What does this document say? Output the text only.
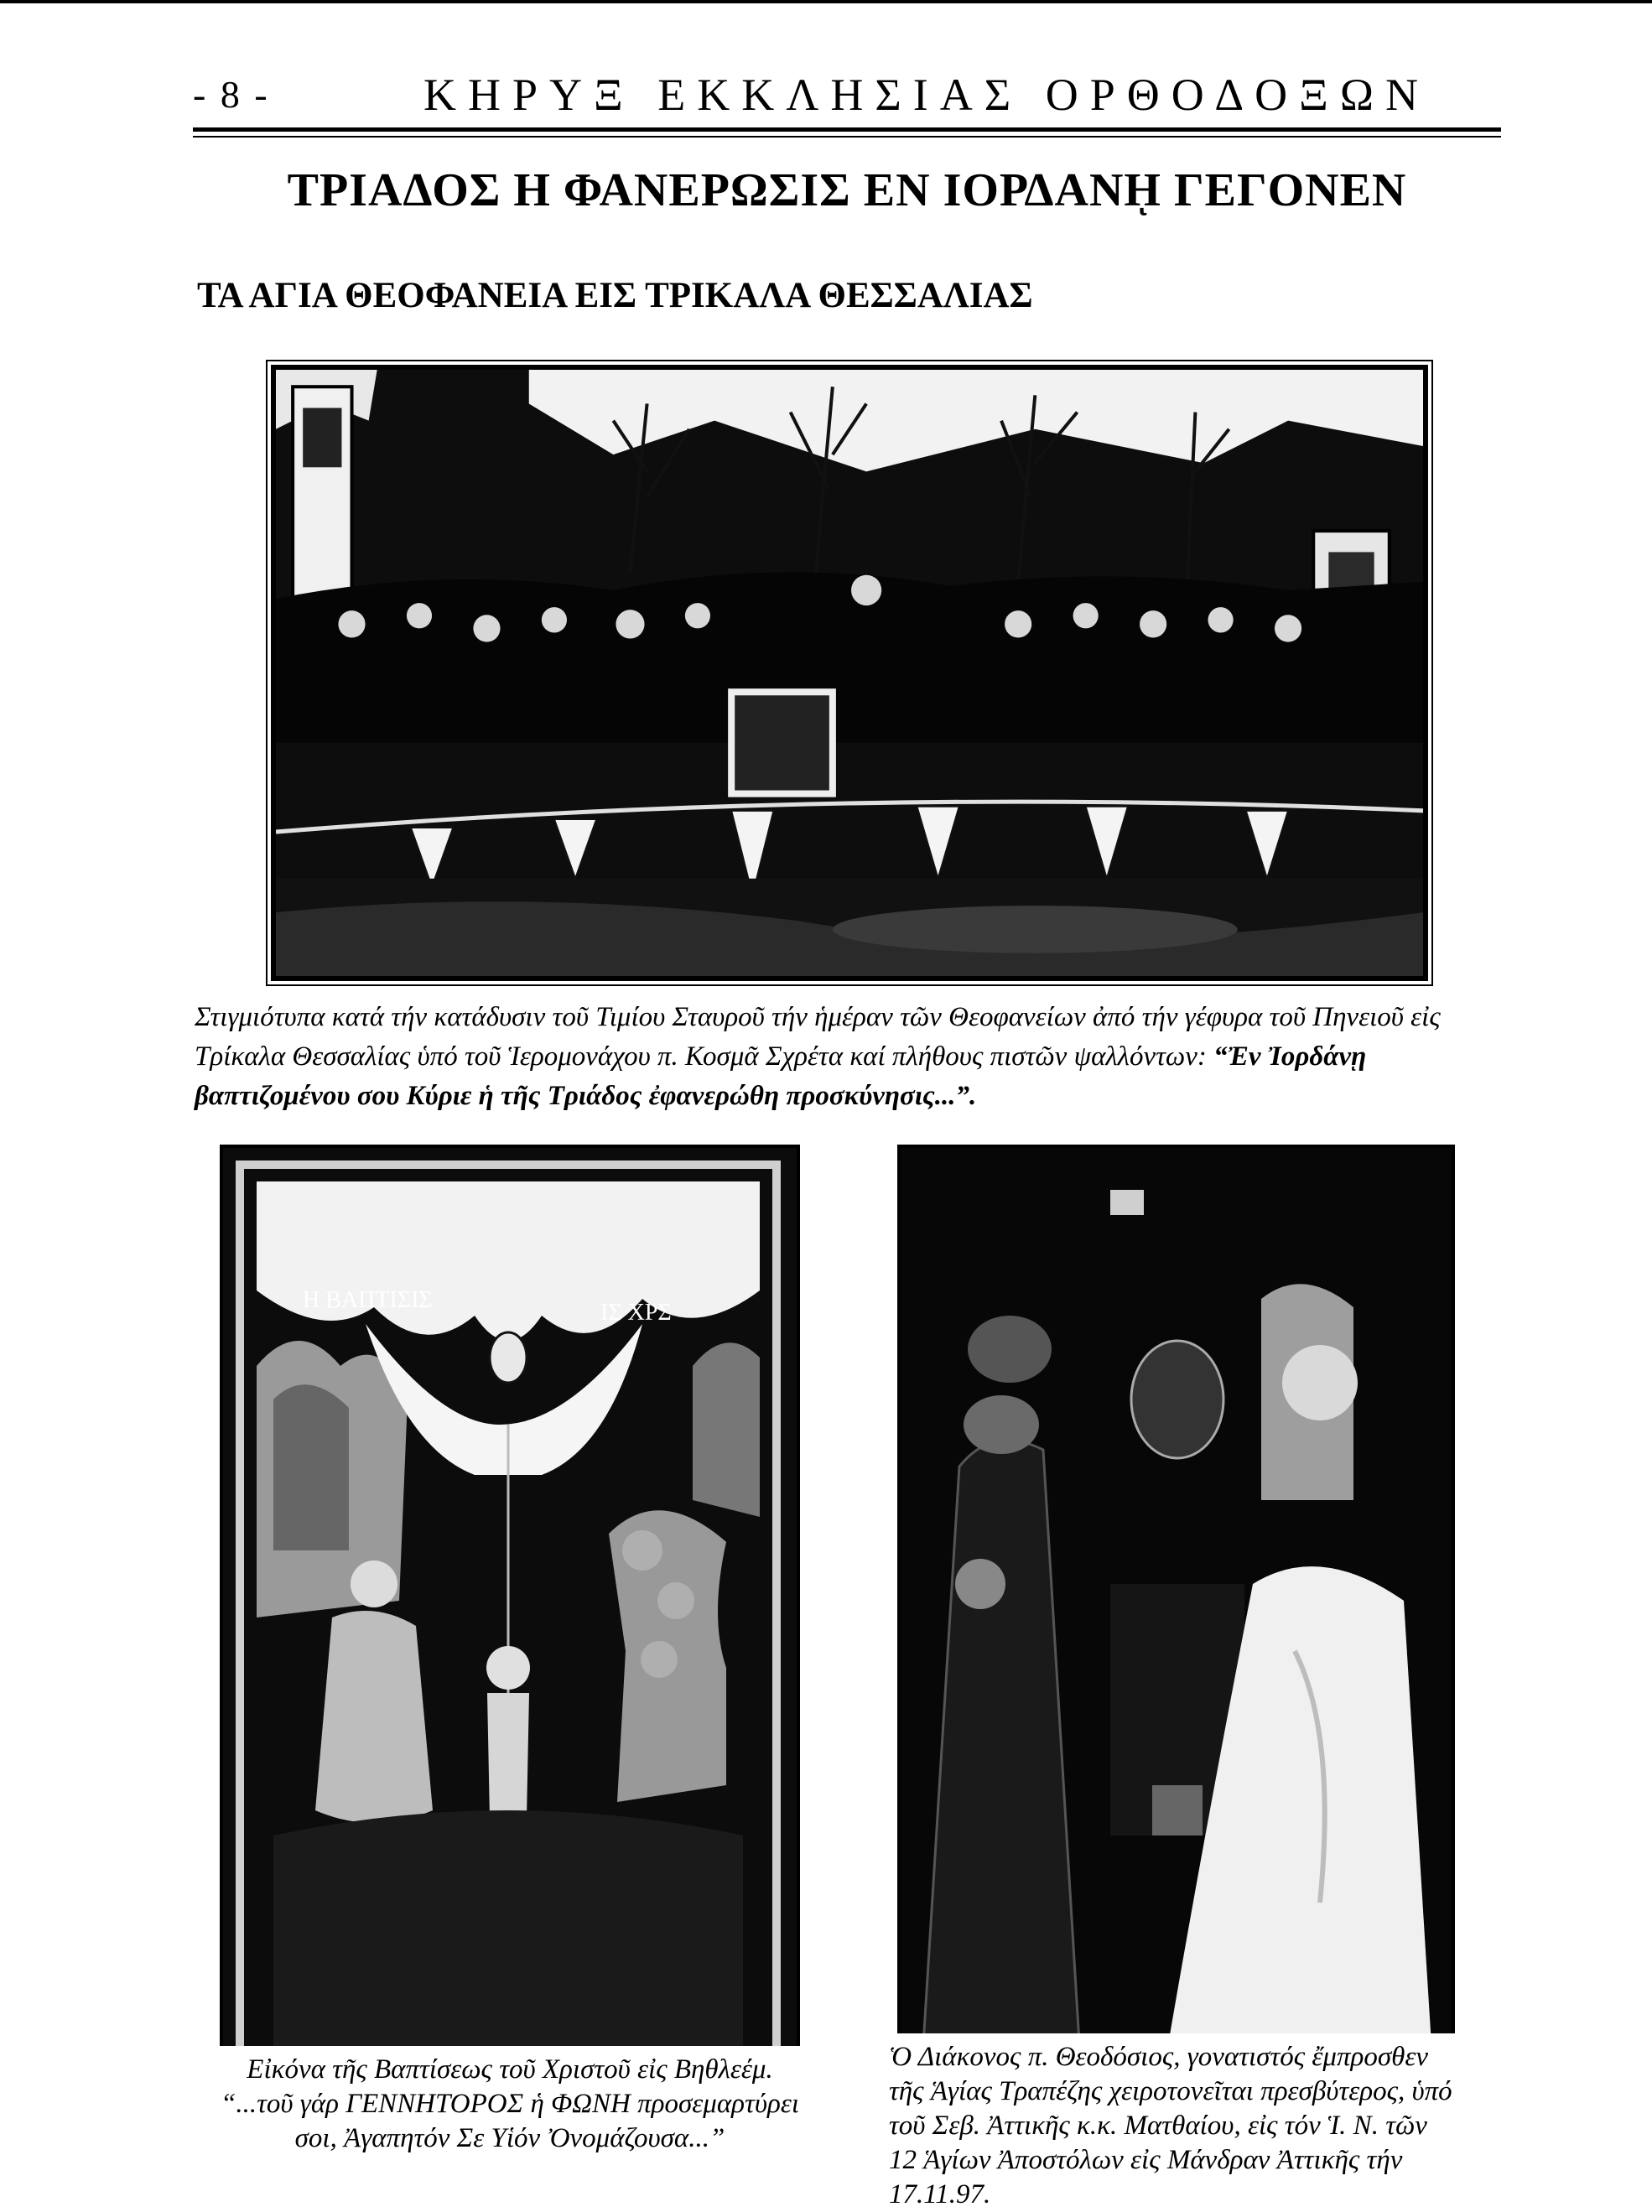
- 8 -	ΚΗΡΥΞ ΕΚΚΛΗΣΙΑΣ ΟΡΘΟΔΟΞΩΝ
ΤΡΙΑΔΟΣ Η ΦΑΝΕΡΩΣΙΣ ΕΝ ΙΟΡΔΑΝῌ ΓΕΓΟΝΕΝ
ΤΑ ΑΓΙΑ ΘΕΟΦΑΝΕΙΑ ΕΙΣ ΤΡΙΚΑΛΑ ΘΕΣΣΑΛΙΑΣ
Στιγμιότυπα κατά τήν κατάδυσιν τοῦ Τιμίου Σταυροῦ τήν ἡμέραν τῶν Θεοφανείων ἀπό τήν γέφυρα τοῦ Πηνειοῦ εἰς Τρίκαλα Θεσσαλίας ὑπό τοῦ Ἱερομονάχου π. Κοσμᾶ Σχρέτα καί πλήθους πιστῶν ψαλλόντων: “Ἐν Ἰορδάνῃ βαπτιζομένου σου Κύριε ἡ τῆς Τριάδος ἐφανερώθη προσκύνησις...”.
Η ΒΑΠΤΙΣΙΣ	ΙΣ ΧΡΣ
Εἰκόνα τῆς Βαπτίσεως τοῦ Χριστοῦ εἰς Βηθλεέμ.
“...τοῦ γάρ ΓΕΝΝΗΤΟΡΟΣ ἡ ΦΩΝΗ προσεμαρτύρει
σοι, Ἀγαπητόν Σε Υἱόν Ὀνομάζουσα...”
Ὁ Διάκονος π. Θεοδόσιος, γονατιστός ἔμπροσθεν τῆς Ἁγίας Τραπέζης χειροτονεῖται πρεσβύτερος, ὑπό τοῦ Σεβ. Ἀττικῆς κ.κ. Ματθαίου, εἰς τόν Ἱ. Ν. τῶν 12 Ἁγίων Ἀποστόλων εἰς Μάνδραν Ἀττικῆς τήν 17.11.97.
